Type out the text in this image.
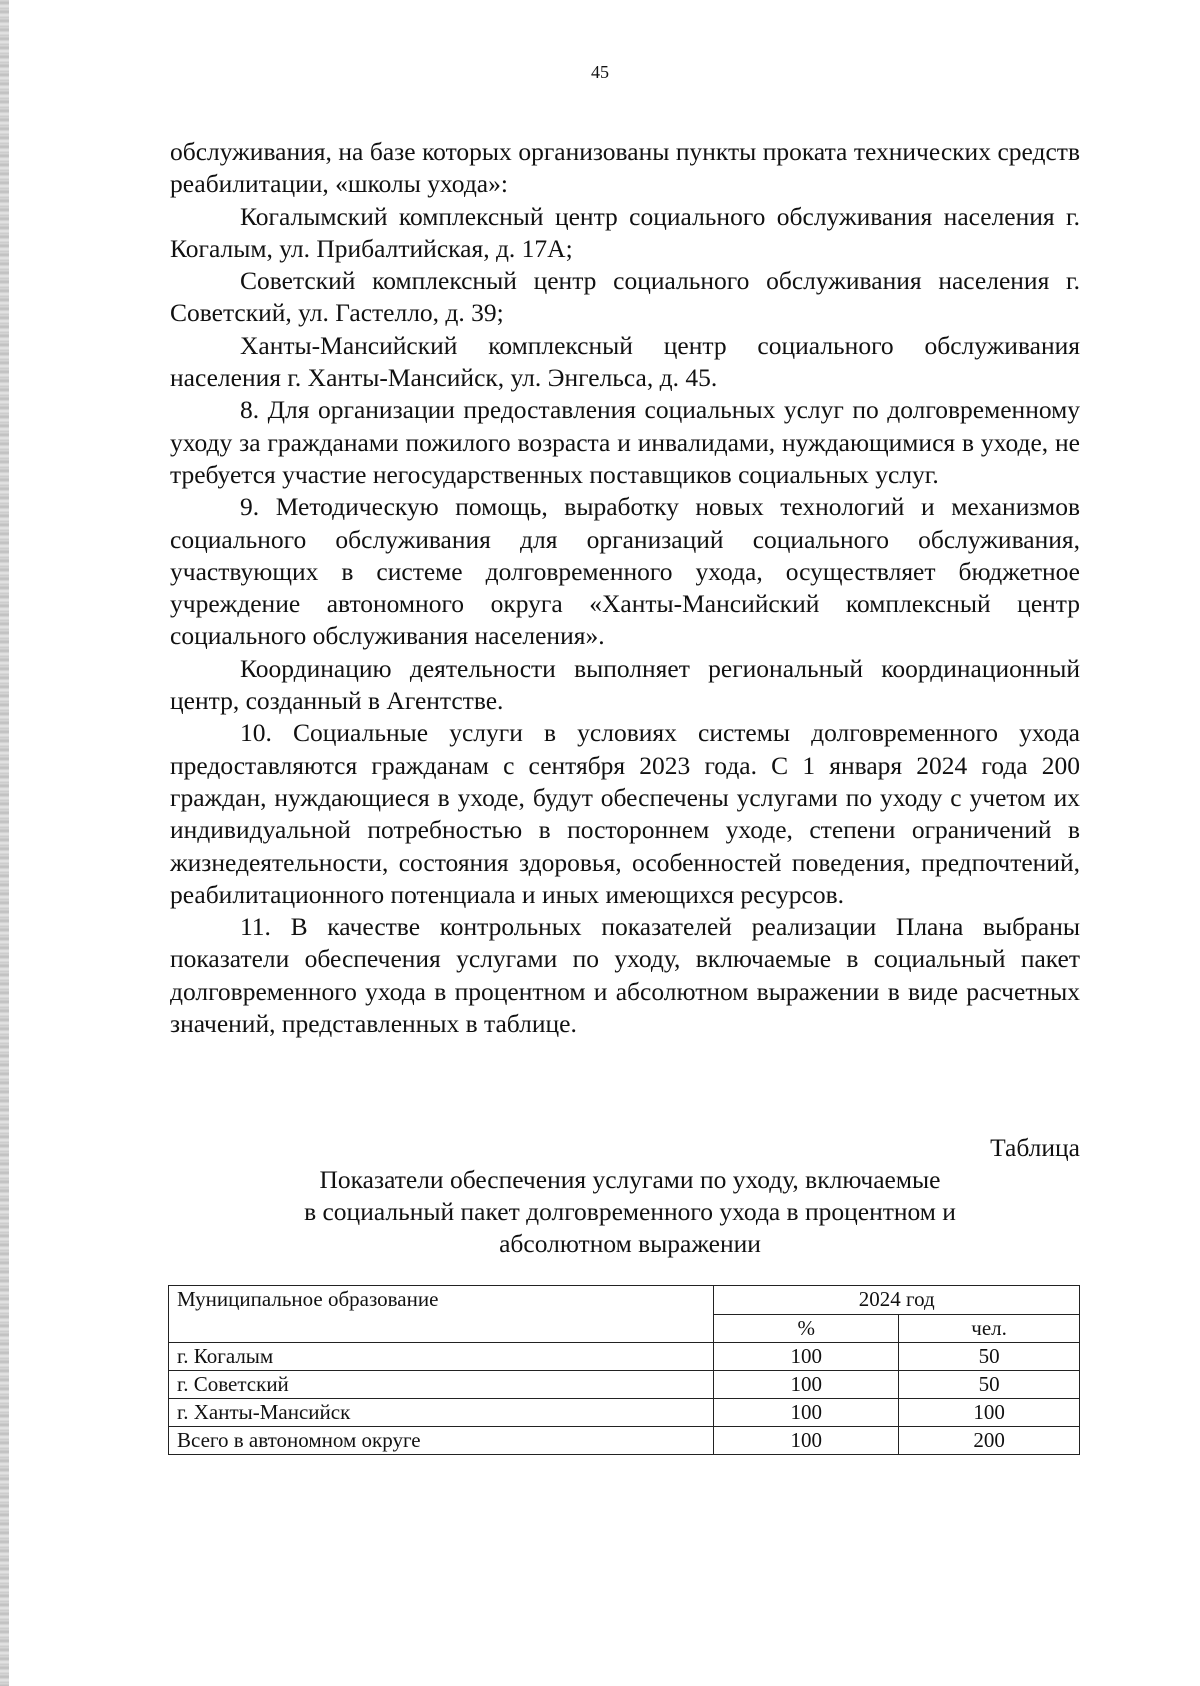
45

обслуживания, на базе которых организованы пункты проката технических средств реабилитации, «школы ухода»:

Когалымский комплексный центр социального обслуживания населения г. Когалым, ул. Прибалтийская, д. 17А;

Советский комплексный центр социального обслуживания населения г. Советский, ул. Гастелло, д. 39;

Ханты-Мансийский комплексный центр социального обслуживания населения г. Ханты-Мансийск, ул. Энгельса, д. 45.

8. Для организации предоставления социальных услуг по долговременному уходу за гражданами пожилого возраста и инвалидами, нуждающимися в уходе, не требуется участие негосударственных поставщиков социальных услуг.

9. Методическую помощь, выработку новых технологий и механизмов социального обслуживания для организаций социального обслуживания, участвующих в системе долговременного ухода, осуществляет бюджетное учреждение автономного округа «Ханты-Мансийский комплексный центр социального обслуживания населения».

Координацию деятельности выполняет региональный координационный центр, созданный в Агентстве.

10. Социальные услуги в условиях системы долговременного ухода предоставляются гражданам с сентября 2023 года. С 1 января 2024 года 200 граждан, нуждающиеся в уходе, будут обеспечены услугами по уходу с учетом их индивидуальной потребностью в постороннем уходе, степени ограничений в жизнедеятельности, состояния здоровья, особенностей поведения, предпочтений, реабилитационного потенциала и иных имеющихся ресурсов.

11. В качестве контрольных показателей реализации Плана выбраны показатели обеспечения услугами по уходу, включаемые в социальный пакет долговременного ухода в процентном и абсолютном выражении в виде расчетных значений, представленных в таблице.

Таблица
Показатели обеспечения услугами по уходу, включаемые
в социальный пакет долговременного ухода в процентном и
абсолютном выражении
Муниципальное образование	2024 год	
	%	чел.
г. Когалым	100	50
г. Советский	100	50
г. Ханты-Мансийск	100	100
Всего в автономном округе	100	200
